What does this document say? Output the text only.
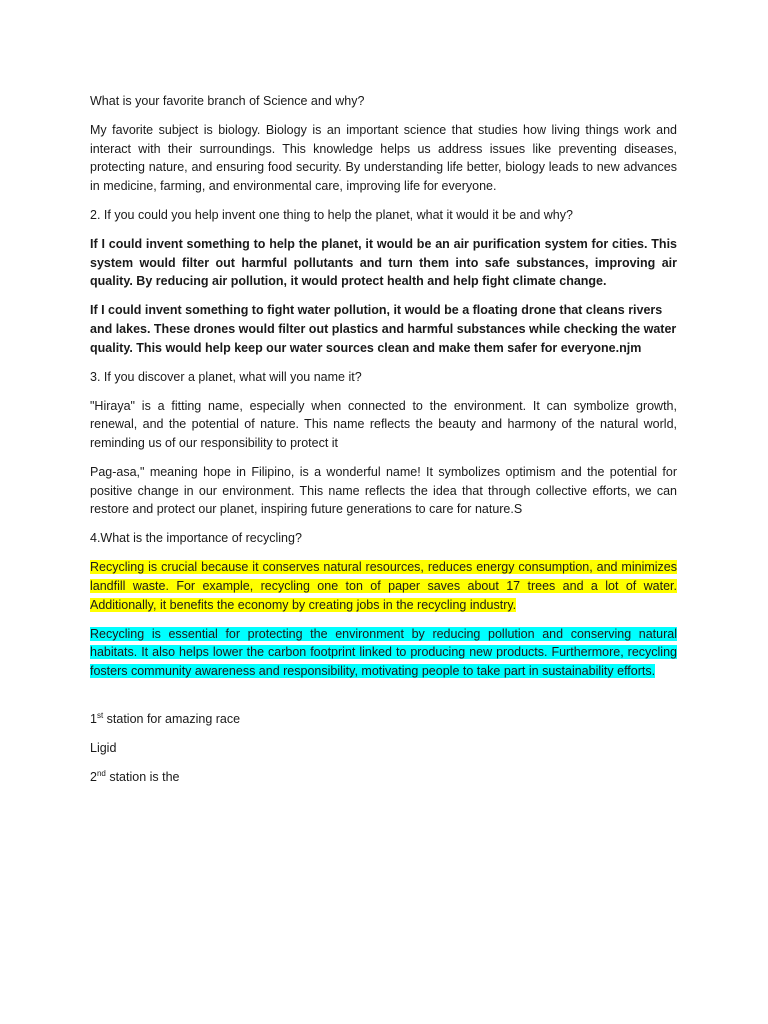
What is your favorite branch of Science and why?

My favorite subject is biology. Biology is an important science that studies how living things work and interact with their surroundings. This knowledge helps us address issues like preventing diseases, protecting nature, and ensuring food security. By understanding life better, biology leads to new advances in medicine, farming, and environmental care, improving life for everyone.

2. If you could you help invent one thing to help the planet, what it would it be and why?

If I could invent something to help the planet, it would be an air purification system for cities. This system would filter out harmful pollutants and turn them into safe substances, improving air quality. By reducing air pollution, it would protect health and help fight climate change.

If I could invent something to fight water pollution, it would be a floating drone that cleans rivers and lakes. These drones would filter out plastics and harmful substances while checking the water quality. This would help keep our water sources clean and make them safer for everyone.njm

3. If you discover a planet, what will you name it?

"Hiraya" is a fitting name, especially when connected to the environment. It can symbolize growth, renewal, and the potential of nature. This name reflects the beauty and harmony of the natural world, reminding us of our responsibility to protect it

Pag-asa," meaning hope in Filipino, is a wonderful name! It symbolizes optimism and the potential for positive change in our environment. This name reflects the idea that through collective efforts, we can restore and protect our planet, inspiring future generations to care for nature.S

4.What is the importance of recycling?

Recycling is crucial because it conserves natural resources, reduces energy consumption, and minimizes landfill waste. For example, recycling one ton of paper saves about 17 trees and a lot of water. Additionally, it benefits the economy by creating jobs in the recycling industry.

Recycling is essential for protecting the environment by reducing pollution and conserving natural habitats. It also helps lower the carbon footprint linked to producing new products. Furthermore, recycling fosters community awareness and responsibility, motivating people to take part in sustainability efforts.

1st station for amazing race

Ligid

2nd station is the
